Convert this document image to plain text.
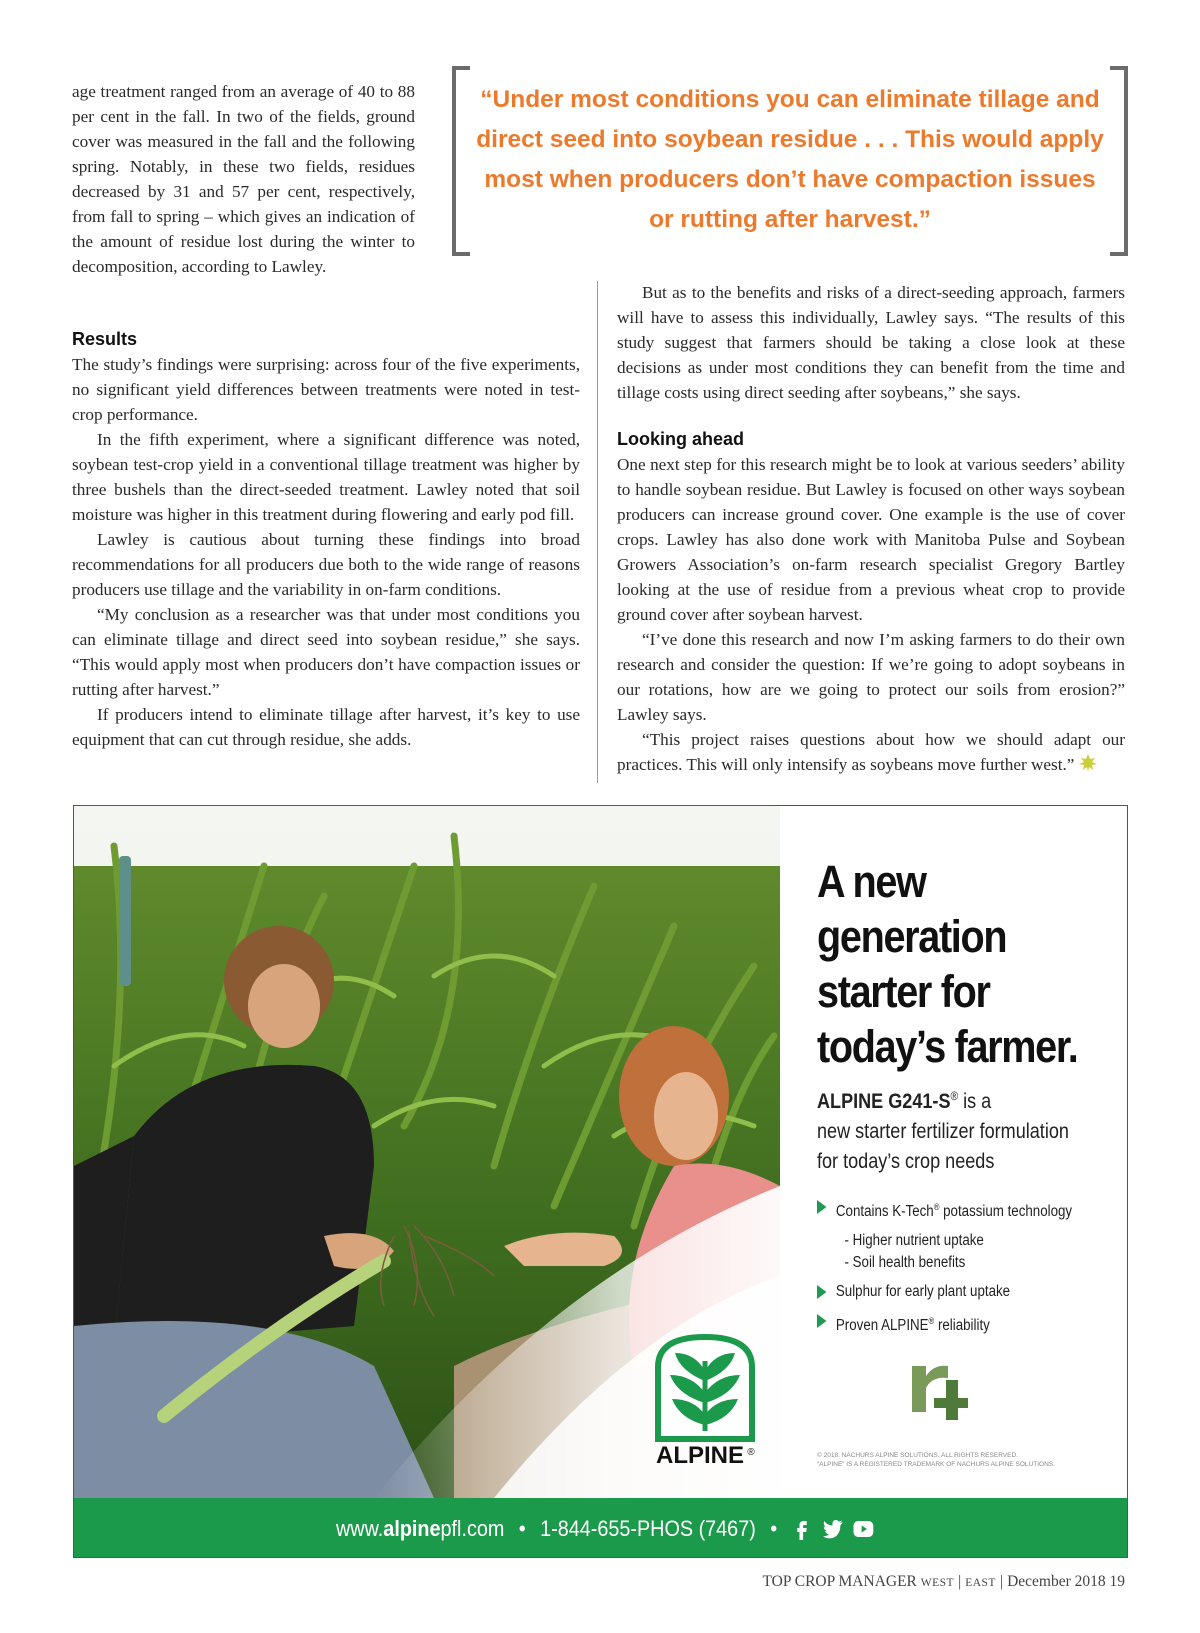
age treatment ranged from an average of 40 to 88 per cent in the fall. In two of the fields, ground cover was measured in the fall and the following spring. Notably, in these two fields, residues decreased by 31 and 57 per cent, respectively, from fall to spring – which gives an indication of the amount of residue lost during the winter to decomposition, according to Lawley.

“Under most conditions you can eliminate tillage and direct seed into soybean residue . . . This would apply most when producers don’t have compaction issues or rutting after harvest.”
Results

The study’s findings were surprising: across four of the five experiments, no significant yield differences between treatments were noted in test-crop performance.

In the fifth experiment, where a significant difference was noted, soybean test-crop yield in a conventional tillage treatment was higher by three bushels than the direct-seeded treatment. Lawley noted that soil moisture was higher in this treatment during flowering and early pod fill.

Lawley is cautious about turning these findings into broad recommendations for all producers due both to the wide range of reasons producers use tillage and the variability in on-farm conditions.

“My conclusion as a researcher was that under most conditions you can eliminate tillage and direct seed into soybean residue,” she says. “This would apply most when producers don’t have compaction issues or rutting after harvest.”

If producers intend to eliminate tillage after harvest, it’s key to use equipment that can cut through residue, she adds.

But as to the benefits and risks of a direct-seeding approach, farmers will have to assess this individually, Lawley says. “The results of this study suggest that farmers should be taking a close look at these decisions as under most conditions they can benefit from the time and tillage costs using direct seeding after soybeans,” she says.

Looking ahead

One next step for this research might be to look at various seeders’ ability to handle soybean residue. But Lawley is focused on other ways soybean producers can increase ground cover. One example is the use of cover crops. Lawley has also done work with Manitoba Pulse and Soybean Growers Association’s on-farm research specialist Gregory Bartley looking at the use of residue from a previous wheat crop to provide ground cover after soybean harvest.

“I’ve done this research and now I’m asking farmers to do their own research and consider the question: If we’re going to adopt soybeans in our rotations, how are we going to protect our soils from erosion?” Lawley says.

“This project raises questions about how we should adapt our practices. This will only intensify as soybeans move further west.”

ALPINE ®
A new
generation
starter for
today’s farmer.
ALPINE G241-S® is a
new starter fertilizer formulation
for today’s crop needs
Contains K-Tech® potassium technology
- Higher nutrient uptake
- Soil health benefits
Sulphur for early plant uptake
Proven ALPINE® reliability
© 2018. NACHURS ALPINE SOLUTIONS. ALL RIGHTS RESERVED.
“ALPINE” IS A REGISTERED TRADEMARK OF NACHURS ALPINE SOLUTIONS.
www.alpinepfl.com • 1-844-655-PHOS (7467) •
TOP CROP MANAGER WEST | EAST | December 2018 19
